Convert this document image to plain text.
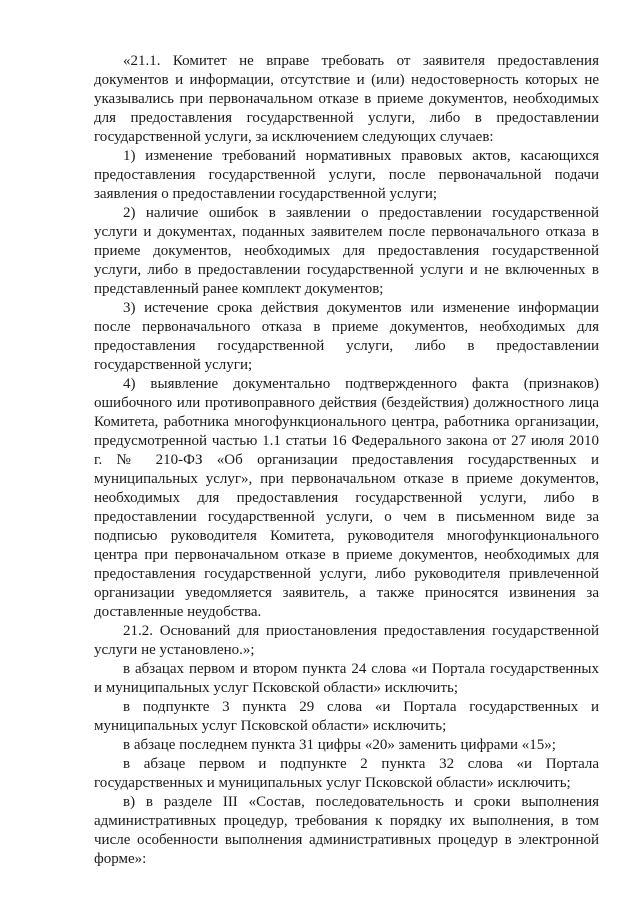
«21.1. Комитет не вправе требовать от заявителя предоставления документов и информации, отсутствие и (или) недостоверность которых не указывались при первоначальном отказе в приеме документов, необходимых для предоставления государственной услуги, либо в предоставлении государственной услуги, за исключением следующих случаев:

1) изменение требований нормативных правовых актов, касающихся предоставления государственной услуги, после первоначальной подачи заявления о предоставлении государственной услуги;

2) наличие ошибок в заявлении о предоставлении государственной услуги и документах, поданных заявителем после первоначального отказа в приеме документов, необходимых для предоставления государственной услуги, либо в предоставлении государственной услуги и не включенных в представленный ранее комплект документов;

3) истечение срока действия документов или изменение информации после первоначального отказа в приеме документов, необходимых для предоставления государственной услуги, либо в предоставлении государственной услуги;

4) выявление документально подтвержденного факта (признаков) ошибочного или противоправного действия (бездействия) должностного лица Комитета, работника многофункционального центра, работника организации, предусмотренной частью 1.1 статьи 16 Федерального закона от 27 июля 2010 г. № 210-ФЗ «Об организации предоставления государственных и муниципальных услуг», при первоначальном отказе в приеме документов, необходимых для предоставления государственной услуги, либо в предоставлении государственной услуги, о чем в письменном виде за подписью руководителя Комитета, руководителя многофункционального центра при первоначальном отказе в приеме документов, необходимых для предоставления государственной услуги, либо руководителя привлеченной организации уведомляется заявитель, а также приносятся извинения за доставленные неудобства.

21.2. Оснований для приостановления предоставления государственной услуги не установлено.»;

в абзацах первом и втором пункта 24 слова «и Портала государственных и муниципальных услуг Псковской области» исключить;

в подпункте 3 пункта 29 слова «и Портала государственных и муниципальных услуг Псковской области» исключить;

в абзаце последнем пункта 31 цифры «20» заменить цифрами «15»;

в абзаце первом и подпункте 2 пункта 32 слова «и Портала государственных и муниципальных услуг Псковской области» исключить;

в) в разделе III «Состав, последовательность и сроки выполнения административных процедур, требования к порядку их выполнения, в том числе особенности выполнения административных процедур в электронной форме»:
